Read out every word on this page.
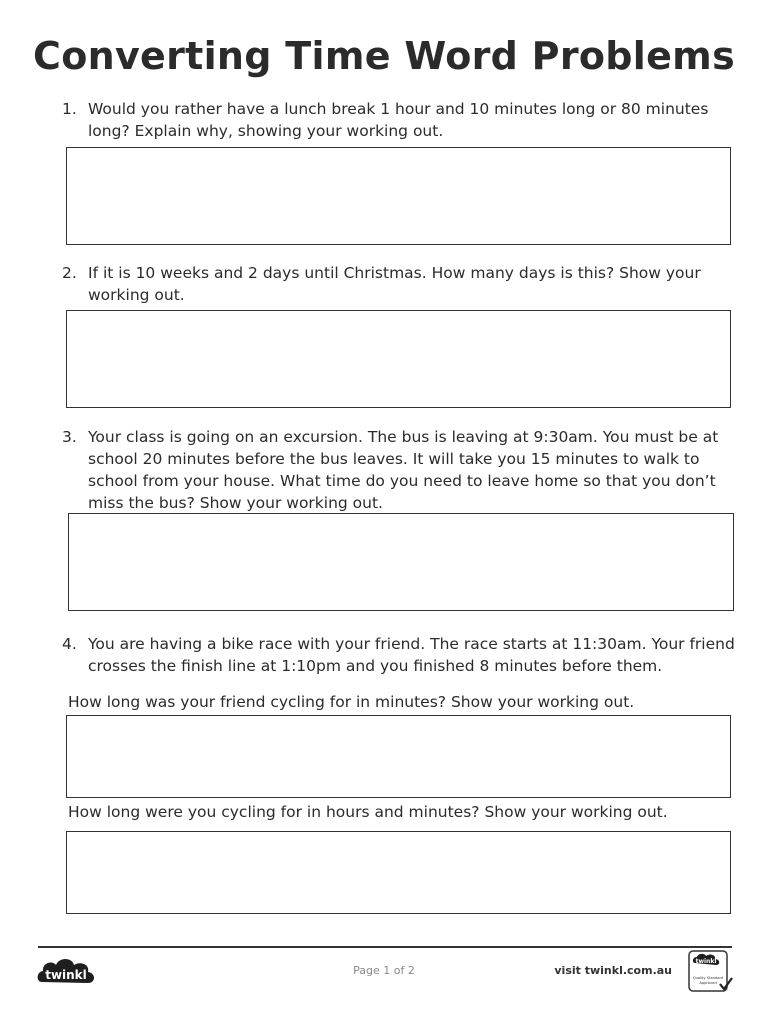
Converting Time Word Problems
1. Would you rather have a lunch break 1 hour and 10 minutes long or 80 minutes long? Explain why, showing your working out.
2. If it is 10 weeks and 2 days until Christmas. How many days is this? Show your working out.
3. Your class is going on an excursion. The bus is leaving at 9:30am. You must be at school 20 minutes before the bus leaves. It will take you 15 minutes to walk to school from your house. What time do you need to leave home so that you don’t miss the bus? Show your working out.
4. You are having a bike race with your friend. The race starts at 11:30am. Your friend crosses the finish line at 1:10pm and you finished 8 minutes before them.
How long was your friend cycling for in minutes? Show your working out.
How long were you cycling for in hours and minutes? Show your working out.
twinkl	Page 1 of 2	visit twinkl.com.au
twinkl
Quality Standard
Approved
